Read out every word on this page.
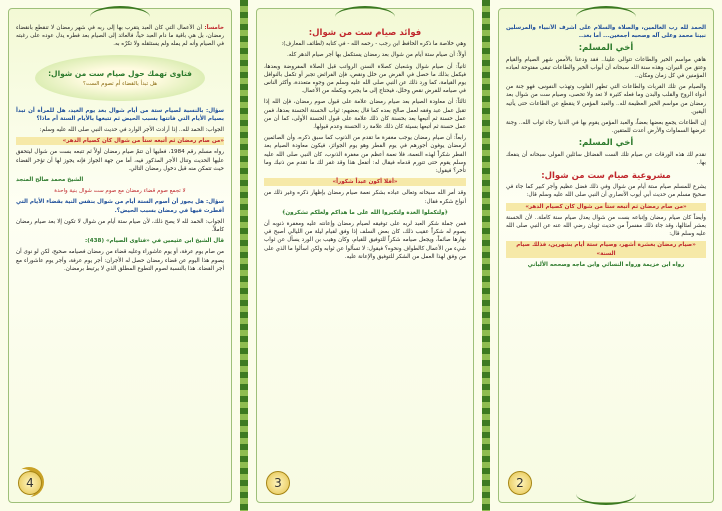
خامساً: أن الأعمال التي كان العبد يتقرب بها إلى ربه في شهر رمضان لا تنقطع بانقضاء رمضان، بل هي باقية ما دام العبد حياً، فالعائد إلى الصيام بعد فطره يدل عوده على رغبته في الصيام وأنه لم يمله ولم يستثقله ولا تكرّه به.

فتاوى تهمك حول صيام ست من شوال:
هل تبدأ بالقضاء أم تصوم الست؟

سؤال: بالنسبة لصيام ستة من أيام شوال بعد يوم العيد، هل للمرأة أن تبدأ بصيام الأيام التي فاتتها بسبب الحيض ثم تتبعها بالأيام الستة أم ماذا؟

الجواب: الحمد لله.. إذا أرادت الأجر الوارد في حديث النبي صلى الله عليه وسلم:

«من صام رمضان ثم أتبعه ستاً من شوال كان كصيام الدهر»

رواه مسلم رقم 1984، فعليها أن تتمّ صيام رمضان أولاً ثم تتبعه بست من شوال ليتحقق عليها الحديث وتنال الأجر المذكور فيه، أما من جهة الجواز فإنه يجوز لها أن تؤخر القضاء حيث تتمكن منه قبل دخول رمضان التالي.

الشيخ محمد صالح المنجد

لا تجمع صوم قضاء رمضان مع صوم ست شوال بنية واحدة

سؤال: هل يجوز أن أصوم الستة أيام من شوال بنفس النية بقضاء الأيام التي أفطرت فيها في رمضان بسبب الحيض؟.

الجواب: الحمد لله لا يصح ذلك، لأن صيام ستة أيام من شوال لا تكون إلا بعد صيام رمضان كاملاً.

قال الشيخ ابن عثيمين في «فتاوى الصيام» (438):

من صام يوم عرفة، أو يوم عاشوراء وعليه قضاء من رمضان فصيامه صحيح، لكن لو نوى أن يصوم هذا اليوم عن قضاء رمضان حصل له الأجران: أجر يوم عرفة، وأجر يوم عاشوراء مع أجر القضاء. هذا بالنسبة لصوم التطوع المطلق الذي لا يرتبط برمضان.

4

فوائد صيام ست من شوال:

وهي خلاصة ما ذكره الحافظ ابن رجب - رحمه الله - في كتابه (لطائف المعارف):

أولاً: أن صيام ستة أيام من شوال بعد رمضان يستكمل بها أجر صيام الدهر كله.

ثانياً: أن صيام شوال وشعبان كصلاة السنن الرواتب قبل الصلاة المفروضة وبعدها، فيكمل بذلك ما حصل في الفرض من خلل ونقص، فإن الفرائض تجبر أو تكمل بالنوافل يوم القيامة، كما ورد ذلك عن النبي صلى الله عليه وسلم من وجوه متعددة، وأكثر الناس في صيامه للفرض نقص وخلل، فيحتاج إلى ما يجبره ويكمله من الأعمال.

ثالثاً: أن معاودة الصيام بعد صيام رمضان علامة على قبول صوم رمضان، فإن الله إذا تقبل عمل عبد وفقه لعمل صالح بعده كما قال بعضهم: ثواب الحسنة الحسنة بعدها، فمن عمل حسنة ثم أتبعها بعد بحسنة كان ذلك علامة على قبول الحسنة الأولى، كما أن من عمل حسنة ثم أتبعها بسيئة كان ذلك علامة رد الحسنة وعدم قبولها.

رابعاً: أن صيام رمضان يوجب مغفرة ما تقدم من الذنوب كما سبق ذكره، وأن الصائمين لرمضان يوفون أجورهم في يوم الفطر وهو يوم الجوائز، فيكون معاودة الصيام بعد الفطر شكراً لهذه النعمة، فلا نعمة أعظم من مغفرة الذنوب، كان النبي صلى الله عليه وسلم يقوم حتى تتورم قدماه فيقال له: أتفعل هذا وقد غفر لك ما تقدم من ذنبك وما تأخر؟ فيقول:

«أفلا أكون عبداً شكوراً»

وقد أمر الله سبحانه وتعالى عباده بشكر نعمة صيام رمضان بإظهار ذكره وغير ذلك من أنواع شكره فقال:

﴿ولتكملوا العدة ولتكبروا الله على ما هداكم ولعلكم تشكرون﴾

فمن جملة شكر العبد لربه على توفيقه لصيام رمضان وإعانته عليه ومغفرة ذنوبه أن يصوم له شكراً عقيب ذلك، كان بعض السلف إذا وفق لقيام ليلة من الليالي أصبح في نهارها صائماً، ويجعل صيامه شكراً للتوفيق للقيام، وكان وهيب بن الورد يسأل عن ثواب شيء من الأعمال كالطواف ونحوه؟ فيقول: لا تسألوا عن ثوابه ولكن اسألوا ما الذي على من وفق لهذا العمل من الشكر للتوفيق والإعانة عليه.

3

الحمد لله رب العالمين، والصلاة والسلام على أشرف الأنبياء والمرسلين نبينا محمد وعلى آله وصحبه أجمعين... أما بعد..

أخي المسلم:

هاهي مواسم الخير والطاعات تتوالى علينا.. فقد ودعنا بالأمس شهر الصيام والقيام وعتق من النيران، وهذه سنة الله سبحانه أن أبواب الخير والطاعات تبقى مفتوحة لعباده المؤمنين في كل زمان ومكان..

والصيام من تلك القربات والطاعات التي تطهر القلوب وتهذب النفوس، فهو جنة من أدواء الروح والقلب والبدن وما فعله كثيرة لا تعد ولا تحصى، وصيام ست من شوال بعد رمضان من مواسم الخير العظيمة لله.. والعبد المؤمن لا ينقطع عن الطاعات حتى يأتيه اليقين.

إن الطاعات يجمع بعضها بعضاً، والعبد المؤمن يقوم بها في الدنيا رجاء ثواب الله.. وجنة عرضها السماوات والأرض أعدت للمتقين.

أخي المسلم:

نقدم لك هذه الورقات عن صيام تلك الست الفضائل سائلين المولى سبحانه أن ينفعك بها..

مشروعية صيام ست من شوال:

يشرع للمسلم صيام ستة أيام من شوال وفي ذلك فضل عظيم وأجر كبير كما جاء في صحيح مسلم من حديث أبي أيوب الأنصاري أن النبي صلى الله عليه وسلم قال:

«من صام رمضان ثم أتبعه ستاً من شوال كان كصيام الدهر»

وأيضاً كان صيام رمضان وإتباعه بست من شوال يعدل صيام سنة كاملة.. لأن الحسنة بعشر أمثالها، وقد جاء ذلك مفسراً من حديث ثوبان رضي الله عنه عن النبي صلى الله عليه وسلم قال:

«صيام رمضان بعشرة أشهر، وصيام ستة أيام بشهرين، فذلك صيام السنة»

رواه ابن خزيمة ورواه النسائي وابن ماجه وصححه الألباني

2
